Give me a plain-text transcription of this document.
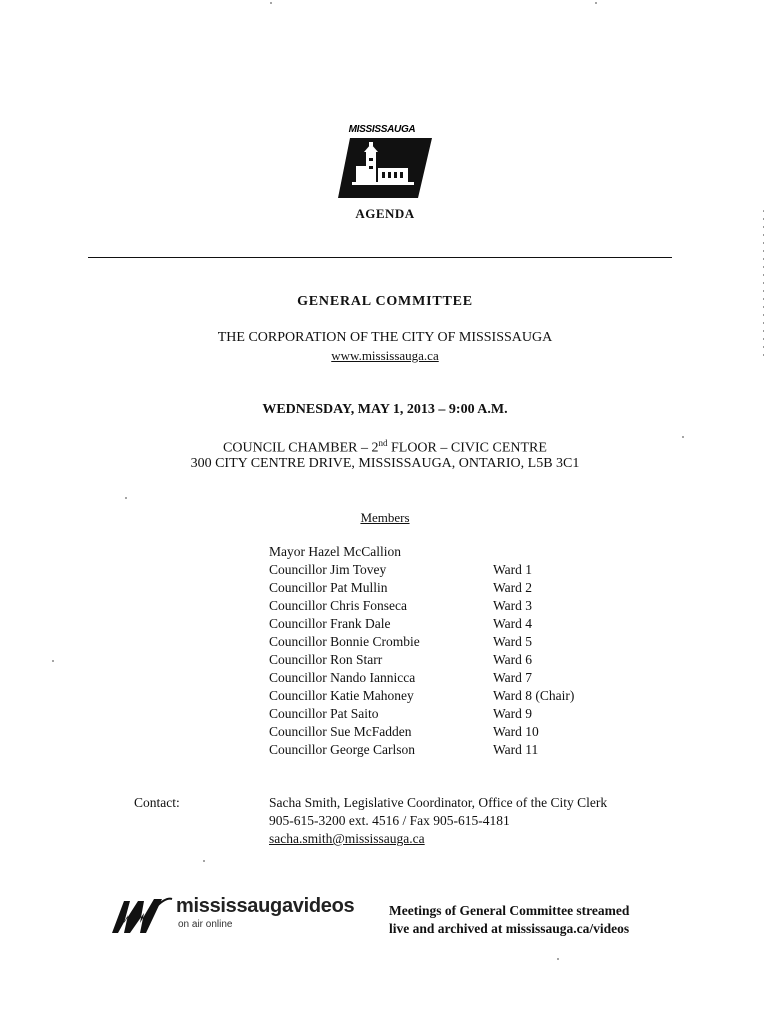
MISSISSAUGA
AGENDA
GENERAL COMMITTEE
THE CORPORATION OF THE CITY OF MISSISSAUGA
www.mississauga.ca
WEDNESDAY, MAY 1, 2013 – 9:00 A.M.
COUNCIL CHAMBER – 2nd FLOOR – CIVIC CENTRE
300 CITY CENTRE DRIVE, MISSISSAUGA, ONTARIO, L5B 3C1
Members
Mayor Hazel McCallion
Councillor Jim Tovey	Ward 1
Councillor Pat Mullin	Ward 2
Councillor Chris Fonseca	Ward 3
Councillor Frank Dale	Ward 4
Councillor Bonnie Crombie	Ward 5
Councillor Ron Starr	Ward 6
Councillor Nando Iannicca	Ward 7
Councillor Katie Mahoney	Ward 8 (Chair)
Councillor Pat Saito	Ward 9
Councillor Sue McFadden	Ward 10
Councillor George Carlson	Ward 11
Contact:	Sacha Smith, Legislative Coordinator, Office of the City Clerk
905-615-3200 ext. 4516 / Fax 905-615-4181
sacha.smith@mississauga.ca
mississaugavideos
on air online
Meetings of General Committee streamed
live and archived at mississauga.ca/videos
